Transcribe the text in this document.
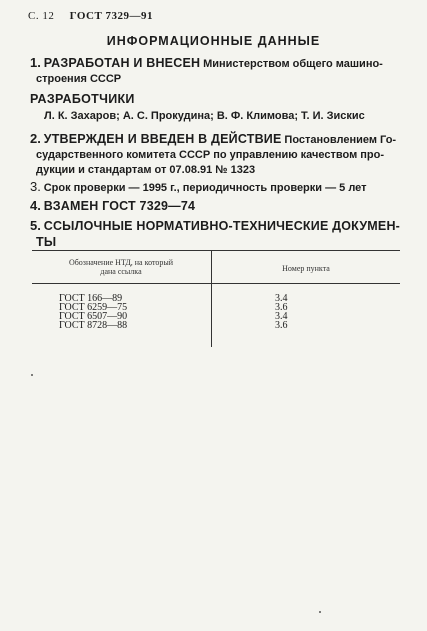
С. 12 ГОСТ 7329—91
ИНФОРМАЦИОННЫЕ ДАННЫЕ
1. РАЗРАБОТАН И ВНЕСЕН Министерством общего машино-
строения СССР
РАЗРАБОТЧИКИ
Л. К. Захаров; А. С. Прокудина; В. Ф. Климова; Т. И. Зискис
2. УТВЕРЖДЕН И ВВЕДЕН В ДЕЙСТВИЕ Постановлением Го-
сударственного комитета СССР по управлению качеством про-
дукции и стандартам от 07.08.91 № 1323
3. Срок проверки — 1995 г., периодичность проверки — 5 лет
4. ВЗАМЕН ГОСТ 7329—74
5. ССЫЛОЧНЫЕ НОРМАТИВНО-ТЕХНИЧЕСКИЕ ДОКУМЕН-
ТЫ
Обозначение НТД, на который
дана ссылка	Номер пункта
ГОСТ 166—89	3.4
ГОСТ 6259—75	3.6
ГОСТ 6507—90	3.4
ГОСТ 8728—88	3.6
